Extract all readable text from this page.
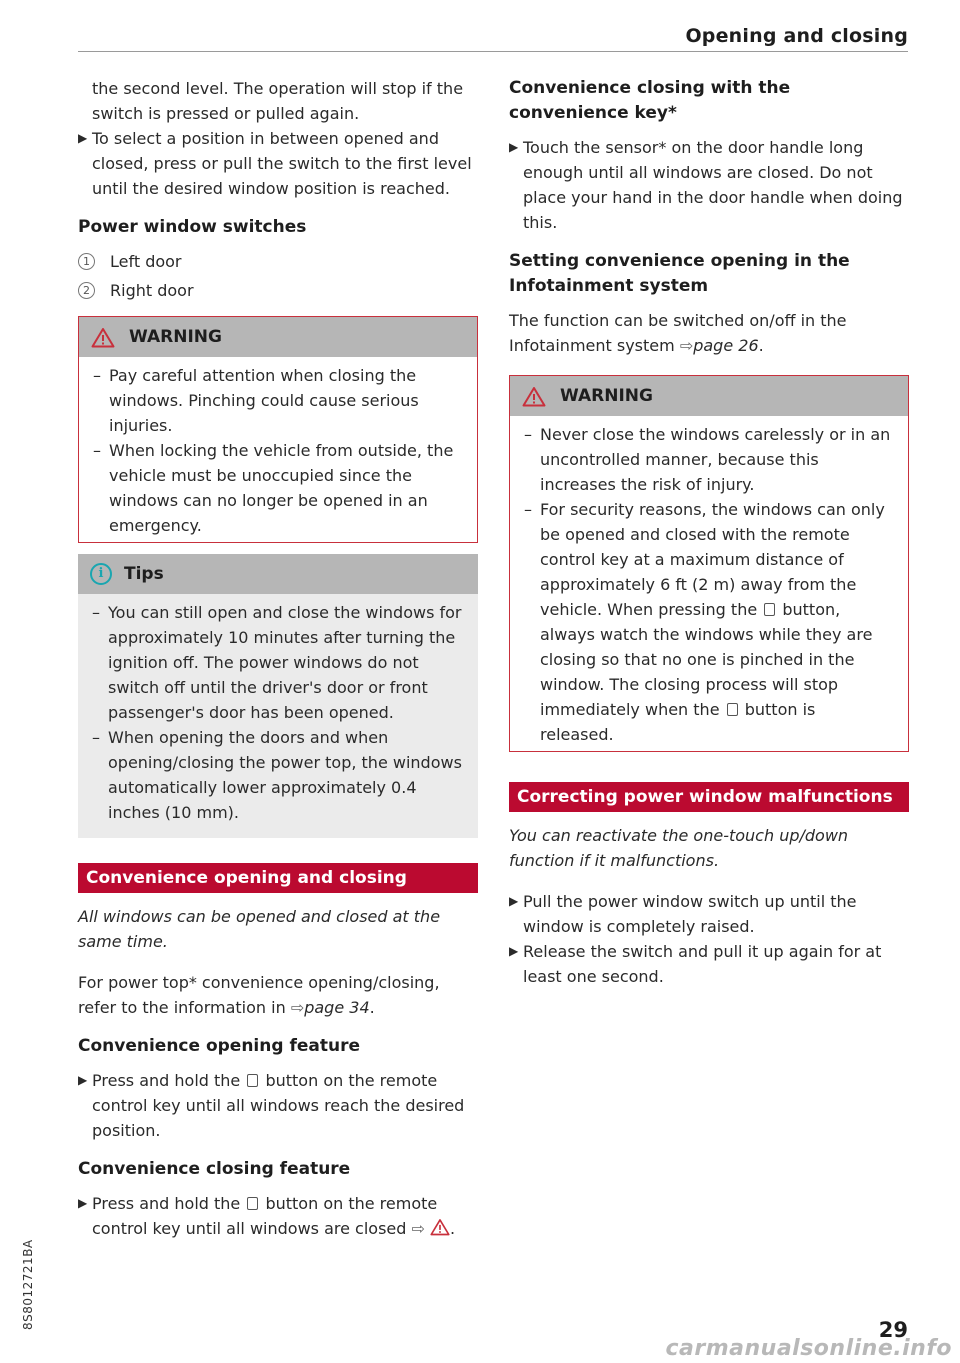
Opening and closing

the second level. The operation will stop if the switch is pressed or pulled again.

▶ To select a position in between opened and closed, press or pull the switch to the first level until the desired window position is reached.

Power window switches

1	Left door
2	Right door
WARNING
– Pay careful attention when closing the windows. Pinching could cause serious injuries.
– When locking the vehicle from outside, the vehicle must be unoccupied since the windows can no longer be opened in an emergency.
i	Tips
– You can still open and close the windows for approximately 10 minutes after turning the ignition off. The power windows do not switch off until the driver's door or front passenger's door has been opened.
– When opening the doors and when opening/closing the power top, the windows automatically lower approximately 0.4 inches (10 mm).
Convenience opening and closing

All windows can be opened and closed at the same time.

For power top* convenience opening/closing, refer to the information in ⇨page 34.

Convenience opening feature

▶ Press and hold the button on the remote control key until all windows reach the desired position.

Convenience closing feature

▶ Press and hold the button on the remote control key until all windows are closed ⇨ .

Convenience closing with the convenience key*

▶ Touch the sensor* on the door handle long enough until all windows are closed. Do not place your hand in the door handle when doing this.

Setting convenience opening in the Infotainment system

The function can be switched on/off in the Infotainment system ⇨page 26.

WARNING
– Never close the windows carelessly or in an uncontrolled manner, because this increases the risk of injury.
– For security reasons, the windows can only be opened and closed with the remote control key at a maximum distance of approximately 6 ft (2 m) away from the vehicle. When pressing the button, always watch the windows while they are closing so that no one is pinched in the window. The closing process will stop immediately when the button is released.
Correcting power window malfunctions

You can reactivate the one-touch up/down function if it malfunctions.

▶ Pull the power window switch up until the window is completely raised.
▶ Release the switch and pull it up again for at least one second.
8S8012721BA	29
carmanualsonline.info
